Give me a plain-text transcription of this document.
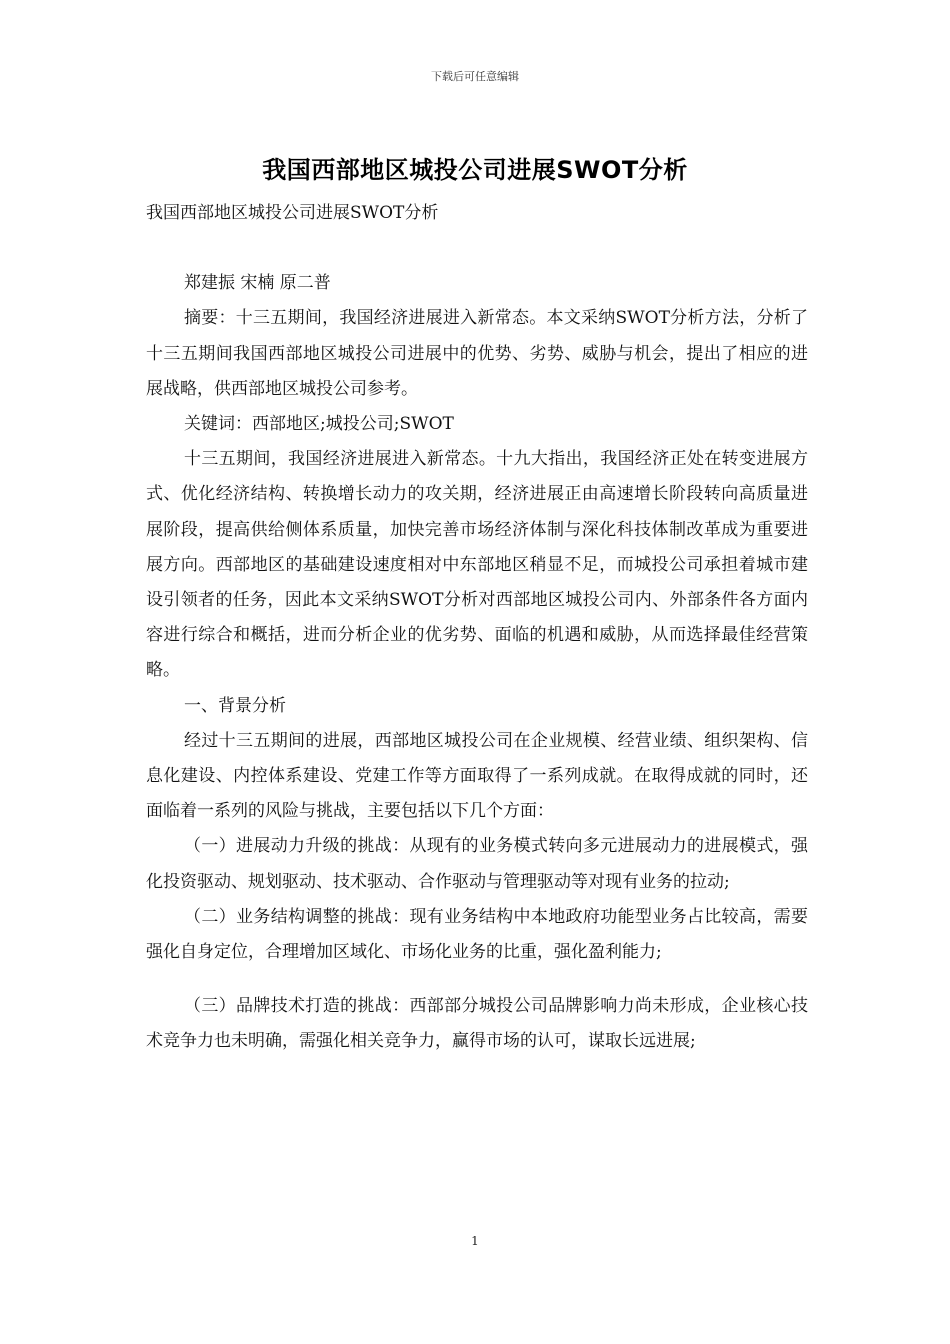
下载后可任意编辑
我国西部地区城投公司进展SWOT分析

我国西部地区城投公司进展SWOT分析

郑建振 宋楠 原二普

摘要：十三五期间，我国经济进展进入新常态。本文采纳SWOT分析方法，分析了十三五期间我国西部地区城投公司进展中的优势、劣势、威胁与机会，提出了相应的进展战略，供西部地区城投公司参考。

关键词：西部地区;城投公司;SWOT

十三五期间，我国经济进展进入新常态。十九大指出，我国经济正处在转变进展方式、优化经济结构、转换增长动力的攻关期，经济进展正由高速增长阶段转向高质量进展阶段，提高供给侧体系质量，加快完善市场经济体制与深化科技体制改革成为重要进展方向。西部地区的基础建设速度相对中东部地区稍显不足，而城投公司承担着城市建设引领者的任务，因此本文采纳SWOT分析对西部地区城投公司内、外部条件各方面内容进行综合和概括，进而分析企业的优劣势、面临的机遇和威胁，从而选择最佳经营策略。

一、背景分析

经过十三五期间的进展，西部地区城投公司在企业规模、经营业绩、组织架构、信息化建设、内控体系建设、党建工作等方面取得了一系列成就。在取得成就的同时，还面临着一系列的风险与挑战，主要包括以下几个方面：

（一）进展动力升级的挑战：从现有的业务模式转向多元进展动力的进展模式，强化投资驱动、规划驱动、技术驱动、合作驱动与管理驱动等对现有业务的拉动;

（二）业务结构调整的挑战：现有业务结构中本地政府功能型业务占比较高，需要强化自身定位，合理增加区域化、市场化业务的比重，强化盈利能力;

（三）品牌技术打造的挑战：西部部分城投公司品牌影响力尚未形成，企业核心技术竞争力也未明确，需强化相关竞争力，赢得市场的认可，谋取长远进展;

1
